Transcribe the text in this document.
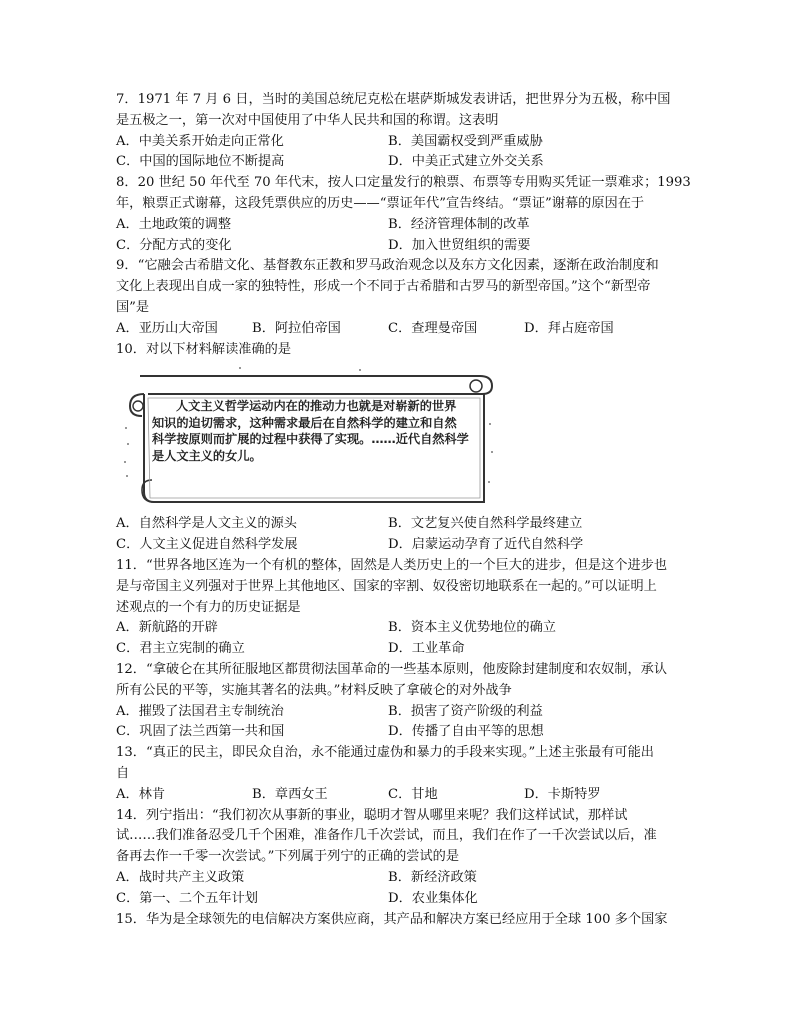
7．1971 年 7 月 6 日，当时的美国总统尼克松在堪萨斯城发表讲话，把世界分为五极，称中国
是五极之一，第一次对中国使用了中华人民共和国的称谓。这表明
A．中美关系开始走向正常化	B．美国霸权受到严重威胁
C．中国的国际地位不断提高	D．中美正式建立外交关系
8．20 世纪 50 年代至 70 年代末，按人口定量发行的粮票、布票等专用购买凭证一票难求；1993
年，粮票正式谢幕，这段凭票供应的历史——“票证年代”宣告终结。“票证”谢幕的原因在于
A．土地政策的调整	B．经济管理体制的改革
C．分配方式的变化	D．加入世贸组织的需要
9．“它融会古希腊文化、基督教东正教和罗马政治观念以及东方文化因素，逐渐在政治制度和
文化上表现出自成一家的独特性，形成一个不同于古希腊和古罗马的新型帝国。”这个“新型帝
国”是
A．亚历山大帝国	B．阿拉伯帝国	C．查理曼帝国	D．拜占庭帝国
10．对以下材料解读准确的是

人文主义哲学运动内在的推动力也就是对崭新的世界

知识的迫切需求，这种需求最后在自然科学的建立和自然

科学按原则而扩展的过程中获得了实现。……近代自然科学

是人文主义的女儿。

A．自然科学是人文主义的源头	B．文艺复兴使自然科学最终建立
C．人文主义促进自然科学发展	D．启蒙运动孕育了近代自然科学
11．“世界各地区连为一个有机的整体，固然是人类历史上的一个巨大的进步，但是这个进步也
是与帝国主义列强对于世界上其他地区、国家的宰割、奴役密切地联系在一起的。”可以证明上
述观点的一个有力的历史证据是
A．新航路的开辟	B．资本主义优势地位的确立
C．君主立宪制的确立	D．工业革命
12．“拿破仑在其所征服地区都贯彻法国革命的一些基本原则，他废除封建制度和农奴制，承认
所有公民的平等，实施其著名的法典。”材料反映了拿破仑的对外战争
A．摧毁了法国君主专制统治	B．损害了资产阶级的利益
C．巩固了法兰西第一共和国	D．传播了自由平等的思想
13．“真正的民主，即民众自治，永不能通过虚伪和暴力的手段来实现。”上述主张最有可能出
自
A．林肯	B．章西女王	C．甘地	D．卡斯特罗
14．列宁指出：“我们初次从事新的事业，聪明才智从哪里来呢？我们这样试试，那样试
试……我们准备忍受几千个困难，准备作几千次尝试，而且，我们在作了一千次尝试以后，准
备再去作一千零一次尝试。”下列属于列宁的正确的尝试的是
A．战时共产主义政策	B．新经济政策
C．第一、二个五年计划	D．农业集体化
15．华为是全球领先的电信解决方案供应商，其产品和解决方案已经应用于全球 100 多个国家
